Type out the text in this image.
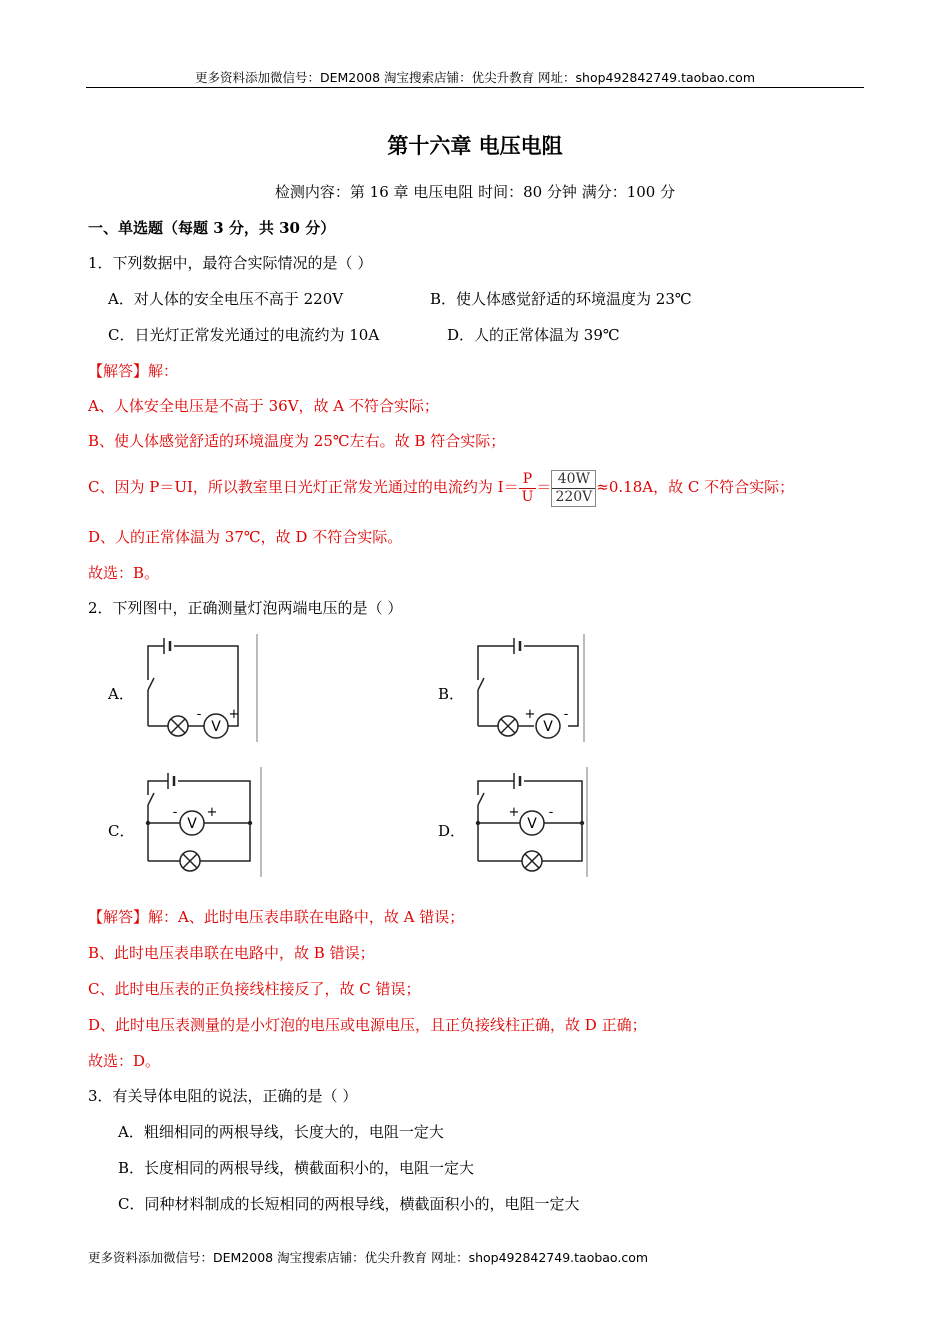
更多资料添加微信号：DEM2008 淘宝搜索店铺：优尖升教育 网址：shop492842749.taobao.com
第十六章 电压电阻
检测内容：第 16 章 电压电阻 时间：80 分钟 满分：100 分
一、单选题（每题 3 分，共 30 分）
1．下列数据中，最符合实际情况的是（ ）
A．对人体的安全电压不高于 220V	B．使人体感觉舒适的环境温度为 23℃
C．日光灯正常发光通过的电流约为 10A	D．人的正常体温为 39℃
【解答】解：
A、人体安全电压是不高于 36V，故 A 不符合实际；
B、使人体感觉舒适的环境温度为 25℃左右。故 B 符合实际；
C、因为 P＝UI，所以教室里日光灯正常发光通过的电流约为 $I= \frac{P}{U} = \frac{40W}{220V} \approx 0.18A$，故 C 不符合实际；
D、人的正常体温为 37℃，故 D 不符合实际。
故选：B。
2．下列图中，正确测量灯泡两端电压的是（ ）
A．	B．
C．	D．
V
- +
V
+ -
V
- +
V
+ -
【解答】解：A、此时电压表串联在电路中，故 A 错误；
B、此时电压表串联在电路中，故 B 错误；
C、此时电压表的正负接线柱接反了，故 C 错误；
D、此时电压表测量的是小灯泡的电压或电源电压，且正负接线柱正确，故 D 正确；
故选：D。
3．有关导体电阻的说法，正确的是（ ）
A．粗细相同的两根导线，长度大的，电阻一定大
B．长度相同的两根导线，横截面积小的，电阻一定大
C．同种材料制成的长短相同的两根导线，横截面积小的，电阻一定大
更多资料添加微信号：DEM2008 淘宝搜索店铺：优尖升教育 网址：shop492842749.taobao.com
